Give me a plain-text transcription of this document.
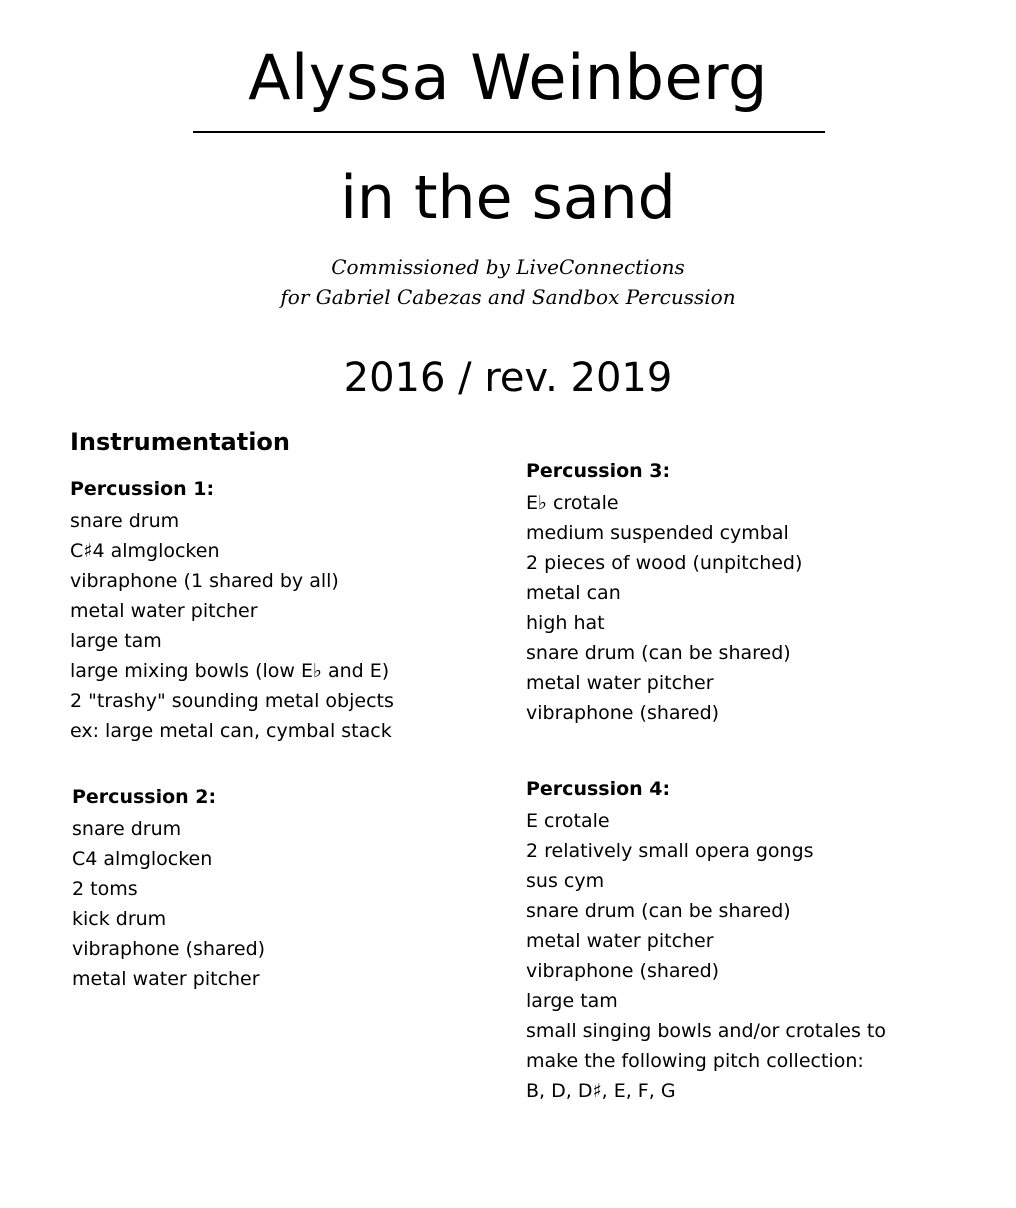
Alyssa Weinberg
in the sand
Commissioned by LiveConnections
for Gabriel Cabezas and Sandbox Percussion
2016 / rev. 2019
Instrumentation
Percussion 1:
snare drum
C♯4 almglocken
vibraphone (1 shared by all)
metal water pitcher
large tam
large mixing bowls (low E♭ and E)
2 "trashy" sounding metal objects
ex: large metal can, cymbal stack
Percussion 2:
snare drum
C4 almglocken
2 toms
kick drum
vibraphone (shared)
metal water pitcher
Percussion 3:
E♭ crotale
medium suspended cymbal
2 pieces of wood (unpitched)
metal can
high hat
snare drum (can be shared)
metal water pitcher
vibraphone (shared)
Percussion 4:
E crotale
2 relatively small opera gongs
sus cym
snare drum (can be shared)
metal water pitcher
vibraphone (shared)
large tam
small singing bowls and/or crotales to
make the following pitch collection:
B, D, D♯, E, F, G
